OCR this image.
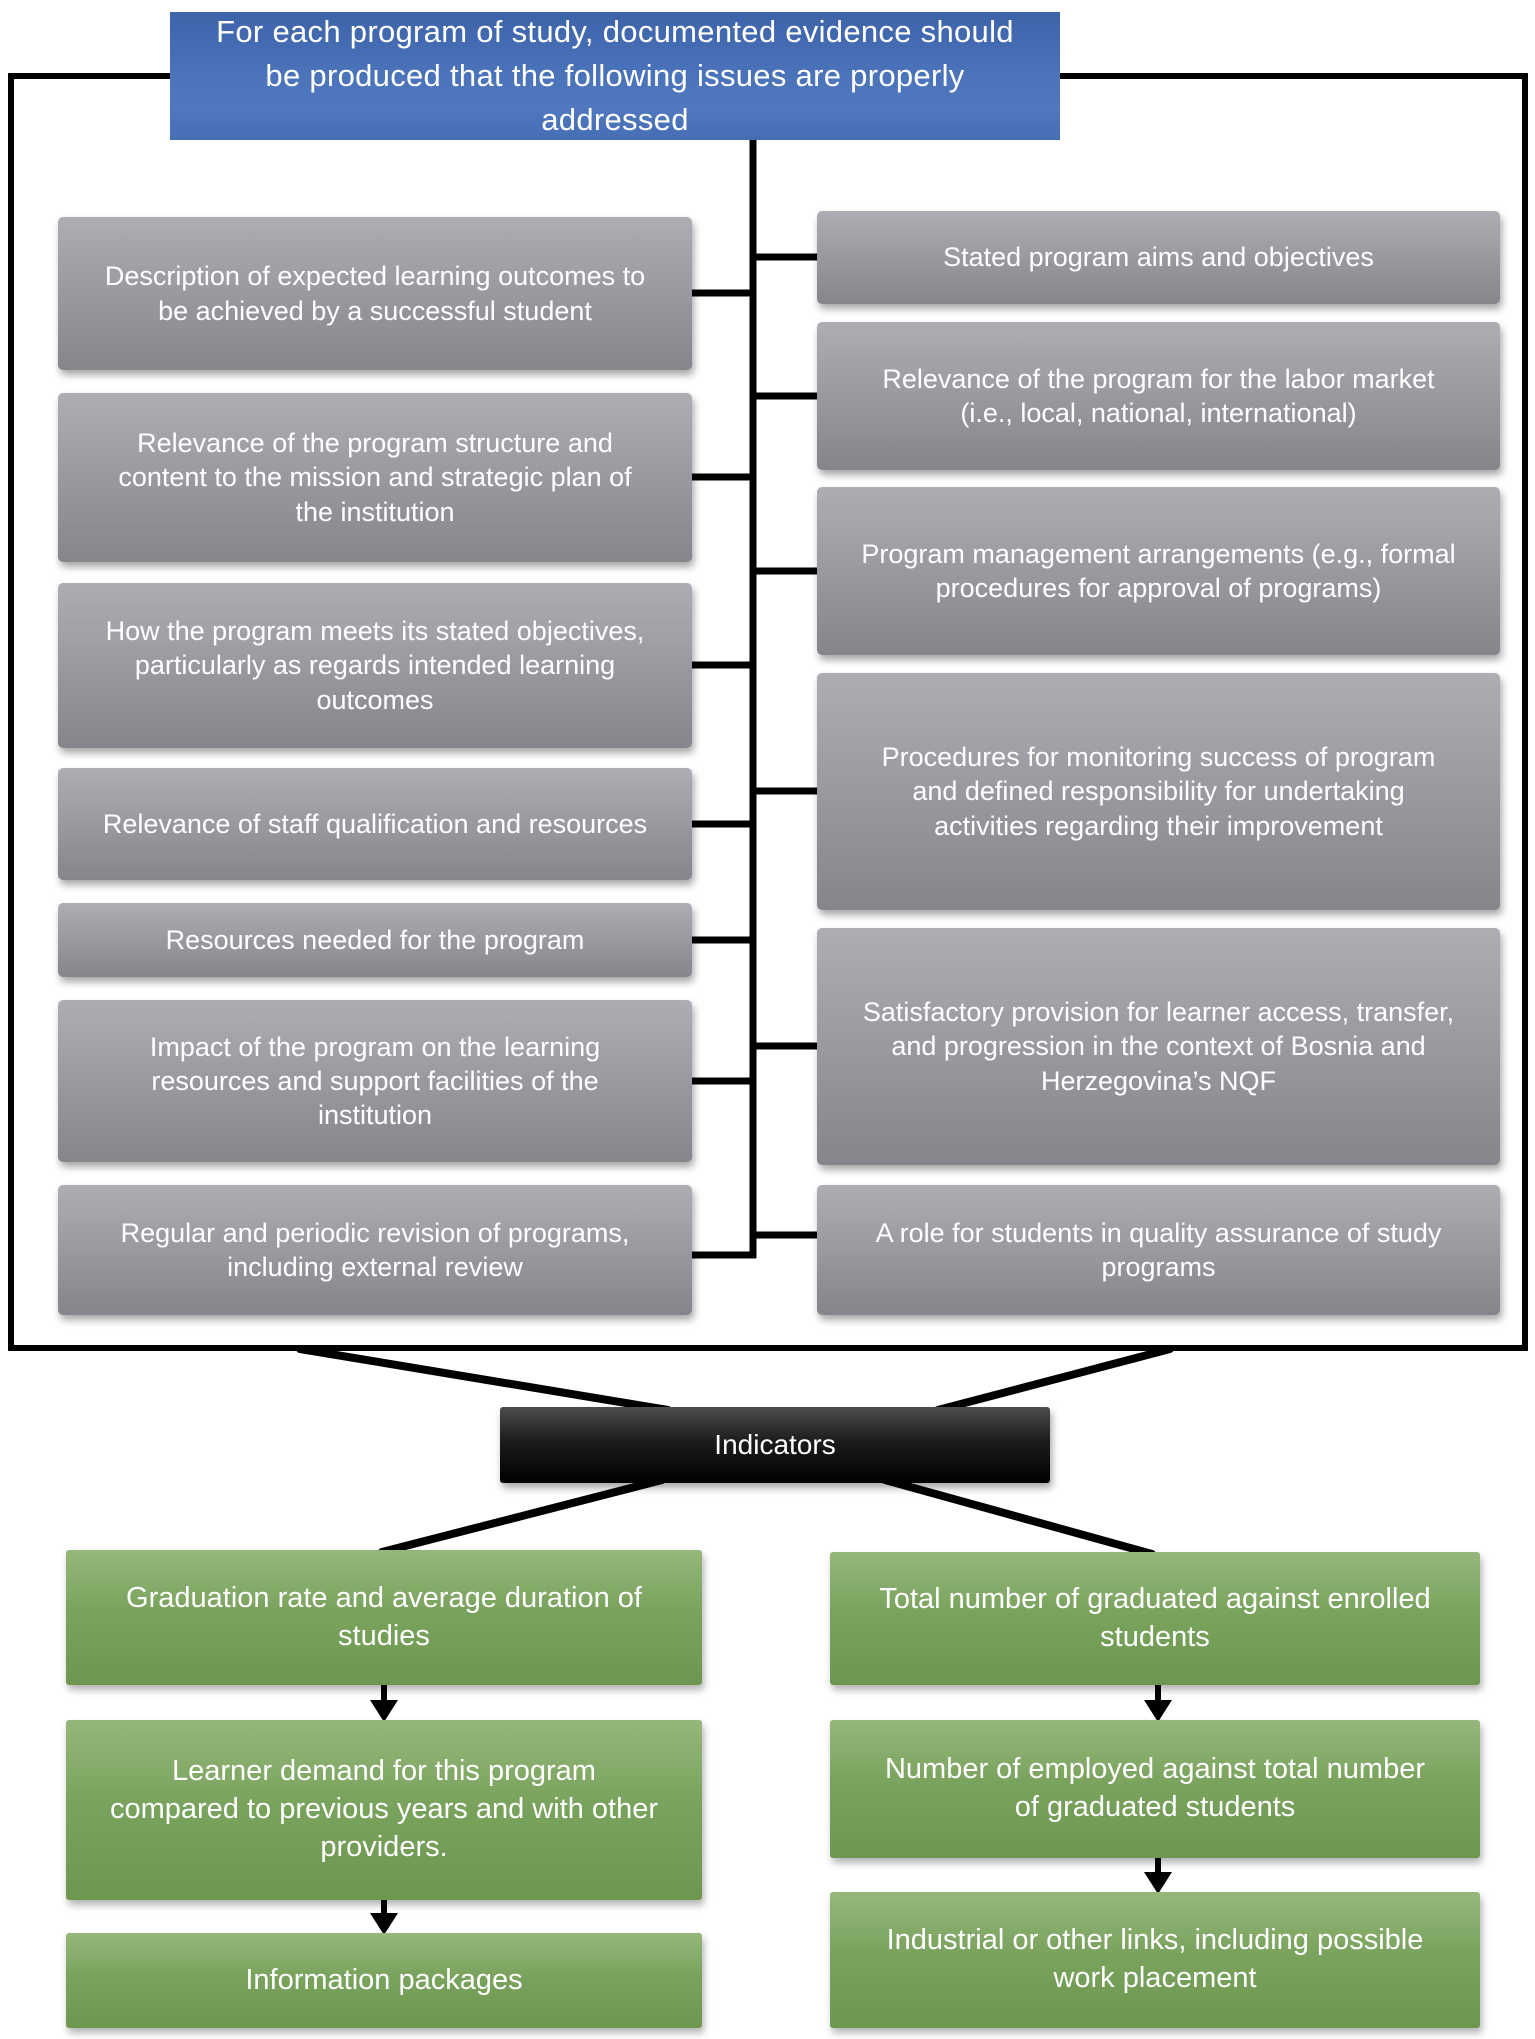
For each program of study, documented evidence should be produced that the following issues are properly addressed
Description of expected learning outcomes to be achieved by a successful student
Relevance of the program structure and content to the mission and strategic plan of the institution
How the program meets its stated objectives, particularly as regards intended learning outcomes
Relevance of staff qualification and resources
Resources needed for the program
Impact of the program on the learning resources and support facilities of the institution
Regular and periodic revision of programs, including external review
Stated program aims and objectives
Relevance of the program for the labor market (i.e., local, national, international)
Program management arrangements (e.g., formal procedures for approval of programs)
Procedures for monitoring success of program and defined responsibility for undertaking activities regarding their improvement
Satisfactory provision for learner access, transfer, and progression in the context of Bosnia and Herzegovina’s NQF
A role for students in quality assurance of study programs
Indicators
Graduation rate and average duration of studies
Learner demand for this program compared to previous years and with other providers.
Information packages
Total number of graduated against enrolled students
Number of employed against total number of graduated students
Industrial or other links, including possible work placement
